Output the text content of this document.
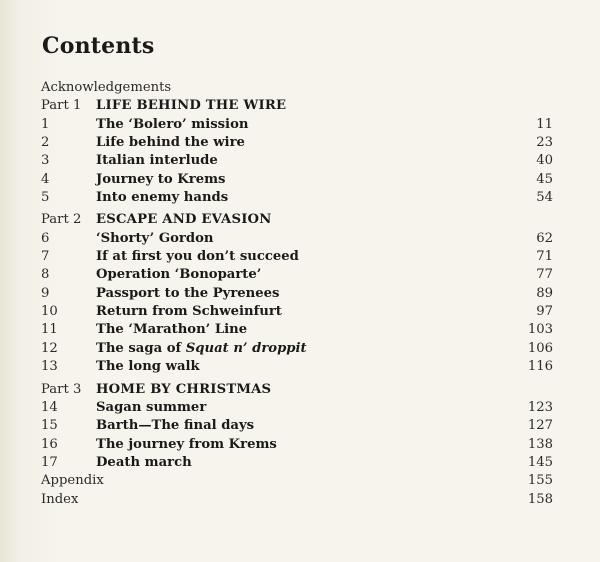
Contents
Acknowledgements
Part 1 LIFE BEHIND THE WIRE
1	The ‘Bolero’ mission	11
2	Life behind the wire	23
3	Italian interlude	40
4	Journey to Krems	45
5	Into enemy hands	54
Part 2 ESCAPE AND EVASION
6	‘Shorty’ Gordon	62
7	If at first you don’t succeed	71
8	Operation ‘Bonoparte’	77
9	Passport to the Pyrenees	89
10	Return from Schweinfurt	97
11	The ‘Marathon’ Line	103
12	The saga of Squat n’ droppit	106
13	The long walk	116
Part 3 HOME BY CHRISTMAS
14	Sagan summer	123
15	Barth—The final days	127
16	The journey from Krems	138
17	Death march	145
Appendix	155
Index	158
